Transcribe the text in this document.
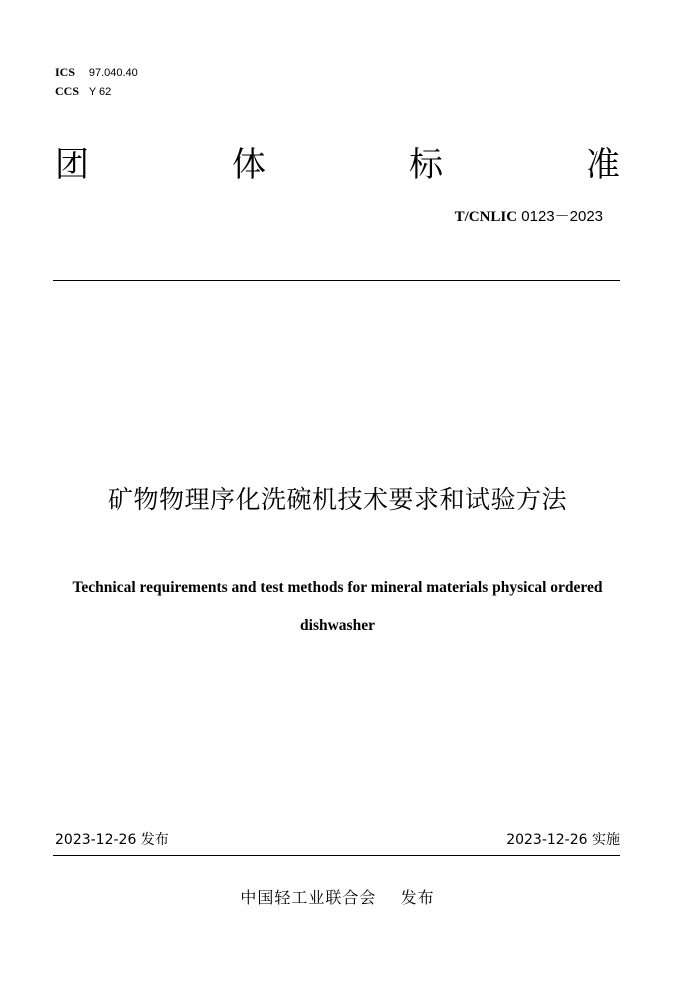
ICS 97.040.40
CCS Y 62
团	体	标	准
T/CNLIC 0123－2023
矿物物理序化洗碗机技术要求和试验方法
Technical requirements and test methods for mineral materials physical ordered
dishwasher
2023-12-26 发布	2023-12-26 实施
中国轻工业联合会 发布
